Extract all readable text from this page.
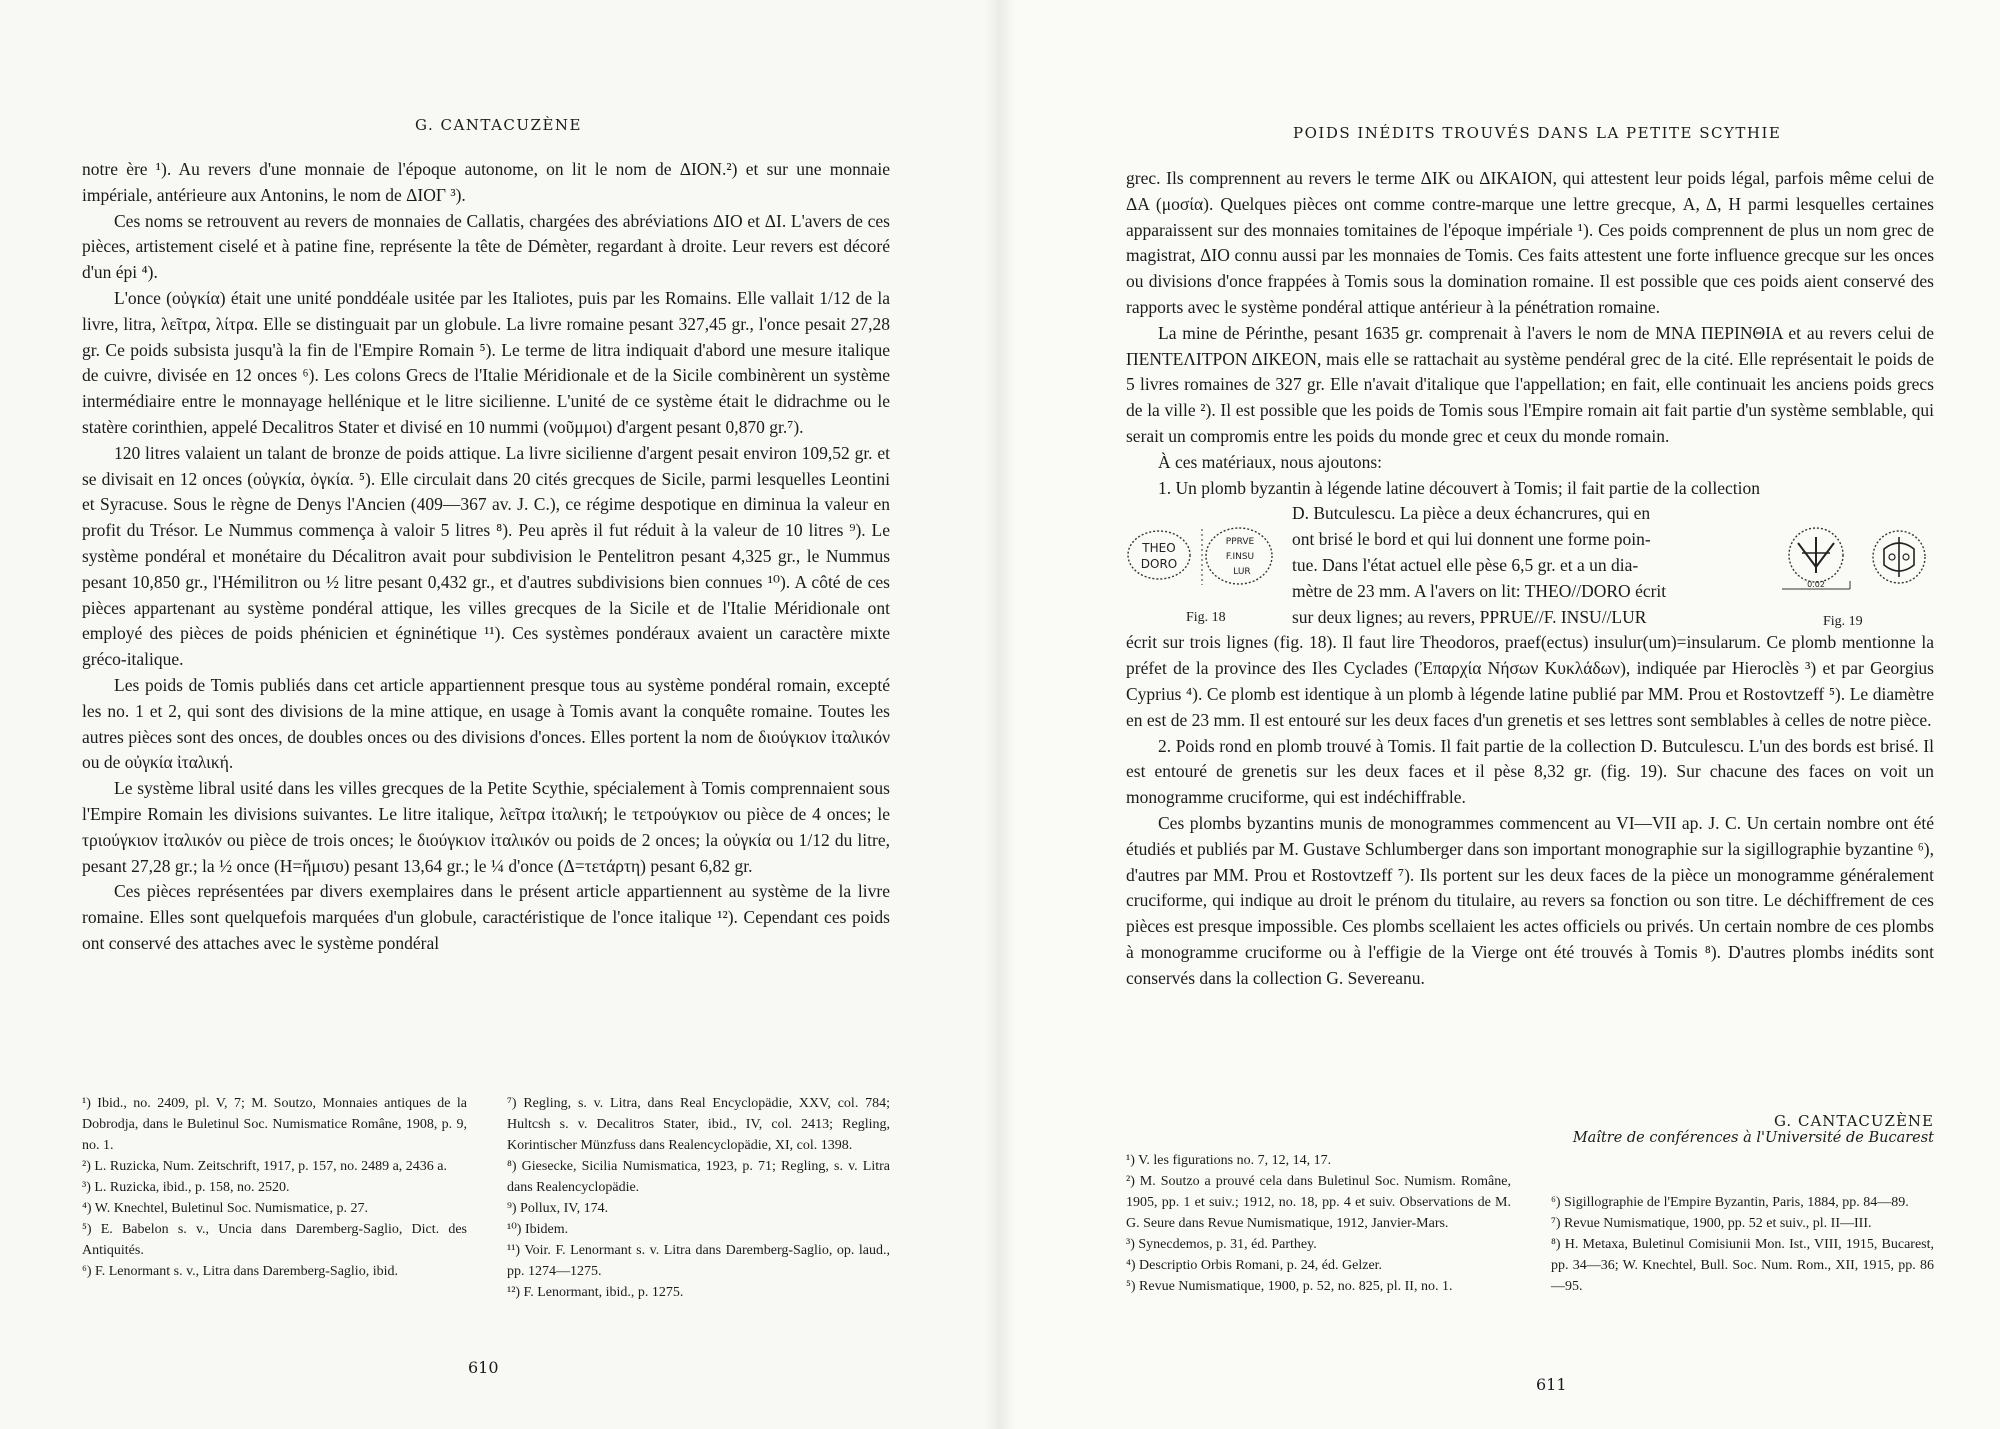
G. CANTACUZÈNE

notre ère ¹). Au revers d'une monnaie de l'époque autonome, on lit le nom de ΔΙΟΝ.²) et sur une monnaie impériale, antérieure aux Antonins, le nom de ΔΙΟΓ ³).

Ces noms se retrouvent au revers de monnaies de Callatis, chargées des abréviations ΔΙΟ et ΔΙ. L'avers de ces pièces, artistement ciselé et à patine fine, représente la tête de Démèter, regardant à droite. Leur revers est décoré d'un épi ⁴).

L'once (οὐγκία) était une unité ponddéale usitée par les Italiotes, puis par les Romains. Elle vallait 1/12 de la livre, litra, λεῖτρα, λίτρα. Elle se distinguait par un globule. La livre romaine pesant 327,45 gr., l'once pesait 27,28 gr. Ce poids subsista jusqu'à la fin de l'Empire Romain ⁵). Le terme de litra indiquait d'abord une mesure italique de cuivre, divisée en 12 onces ⁶). Les colons Grecs de l'Italie Méridionale et de la Sicile combinèrent un système intermédiaire entre le monnayage hellénique et le litre sicilienne. L'unité de ce système était le didrachme ou le statère corinthien, appelé Decalitros Stater et divisé en 10 nummi (νοῦμμοι) d'argent pesant 0,870 gr.⁷).

120 litres valaient un talant de bronze de poids attique. La livre sicilienne d'argent pesait environ 109,52 gr. et se divisait en 12 onces (οὐγκία, ὀγκία. ⁵). Elle circulait dans 20 cités grecques de Sicile, parmi lesquelles Leontini et Syracuse. Sous le règne de Denys l'Ancien (409—367 av. J. C.), ce régime despotique en diminua la valeur en profit du Trésor. Le Nummus commença à valoir 5 litres ⁸). Peu après il fut réduit à la valeur de 10 litres ⁹). Le système pondéral et monétaire du Décalitron avait pour subdivision le Pentelitron pesant 4,325 gr., le Nummus pesant 10,850 gr., l'Hémilitron ou ½ litre pesant 0,432 gr., et d'autres subdivisions bien connues ¹⁰). A côté de ces pièces appartenant au système pondéral attique, les villes grecques de la Sicile et de l'Italie Méridionale ont employé des pièces de poids phénicien et égninétique ¹¹). Ces systèmes pondéraux avaient un caractère mixte gréco-italique.

Les poids de Tomis publiés dans cet article appartiennent presque tous au système pondéral romain, excepté les no. 1 et 2, qui sont des divisions de la mine attique, en usage à Tomis avant la conquête romaine. Toutes les autres pièces sont des onces, de doubles onces ou des divisions d'onces. Elles portent la nom de διούγκιον ἰταλικόν ou de οὐγκία ἰταλική.

Le système libral usité dans les villes grecques de la Petite Scythie, spécialement à Tomis comprennaient sous l'Empire Romain les divisions suivantes. Le litre italique, λεῖτρα ἰταλική; le τετρούγκιον ou pièce de 4 onces; le τριούγκιον ἰταλικόν ou pièce de trois onces; le διούγκιον ἰταλικόν ou poids de 2 onces; la οὐγκία ou 1/12 du litre, pesant 27,28 gr.; la ½ once (Η=ἥμισυ) pesant 13,64 gr.; le ¼ d'once (Δ=τετάρτη) pesant 6,82 gr.

Ces pièces représentées par divers exemplaires dans le présent article appartiennent au système de la livre romaine. Elles sont quelquefois marquées d'un globule, caractéristique de l'once italique ¹²). Cependant ces poids ont conservé des attaches avec le système pondéral

¹) Ibid., no. 2409, pl. V, 7; M. Soutzo, Monnaies antiques de la Dobrodja, dans le Buletinul Soc. Numismatice Române, 1908, p. 9, no. 1.

²) L. Ruzicka, Num. Zeitschrift, 1917, p. 157, no. 2489 a, 2436 a.

³) L. Ruzicka, ibid., p. 158, no. 2520.

⁴) W. Knechtel, Buletinul Soc. Numismatice, p. 27.

⁵) E. Babelon s. v., Uncia dans Daremberg-Saglio, Dict. des Antiquités.

⁶) F. Lenormant s. v., Litra dans Daremberg-Saglio, ibid.

⁷) Regling, s. v. Litra, dans Real Encyclopädie, XXV, col. 784; Hultcsh s. v. Decalitros Stater, ibid., IV, col. 2413; Regling, Korintischer Münzfuss dans Realencyclopädie, XI, col. 1398.

⁸) Giesecke, Sicilia Numismatica, 1923, p. 71; Regling, s. v. Litra dans Realencyclopädie.

⁹) Pollux, IV, 174.

¹⁰) Ibidem.

¹¹) Voir. F. Lenormant s. v. Litra dans Daremberg-Saglio, op. laud., pp. 1274—1275.

¹²) F. Lenormant, ibid., p. 1275.

610
POIDS INÉDITS TROUVÉS DANS LA PETITE SCYTHIE

grec. Ils comprennent au revers le terme ΔΙΚ ou ΔΙΚΑΙΟΝ, qui attestent leur poids légal, parfois même celui de ΔΑ (μοσία). Quelques pièces ont comme contre-marque une lettre grecque, Α, Δ, Η parmi lesquelles certaines apparaissent sur des monnaies tomitaines de l'époque impériale ¹). Ces poids comprennent de plus un nom grec de magistrat, ΔΙΟ connu aussi par les monnaies de Tomis. Ces faits attestent une forte influence grecque sur les onces ou divisions d'once frappées à Tomis sous la domination romaine. Il est possible que ces poids aient conservé des rapports avec le système pondéral attique antérieur à la pénétration romaine.

La mine de Périnthe, pesant 1635 gr. comprenait à l'avers le nom de ΜΝΑ ΠΕΡΙΝΘΙΑ et au revers celui de ΠΕΝΤΕΛΙΤΡΟΝ ΔΙΚΕΟΝ, mais elle se rattachait au système pendéral grec de la cité. Elle représentait le poids de 5 livres romaines de 327 gr. Elle n'avait d'italique que l'appellation; en fait, elle continuait les anciens poids grecs de la ville ²). Il est possible que les poids de Tomis sous l'Empire romain ait fait partie d'un système semblable, qui serait un compromis entre les poids du monde grec et ceux du monde romain.

À ces matériaux, nous ajoutons:

1. Un plomb byzantin à légende latine découvert à Tomis; il fait partie de la collection

D. Butculescu. La pièce a deux échancrures, qui en
ont brisé le bord et qui lui donnent une forme poin-
tue. Dans l'état actuel elle pèse 6,5 gr. et a un dia-
mètre de 23 mm. A l'avers on lit: THEO//DORO écrit
sur deux lignes; au revers, PPRUE//F. INSU//LUR
THEO
DORO
PPRVE
F.INSU
LUR
Fig. 18
0.02
Fig. 19

écrit sur trois lignes (fig. 18). Il faut lire Theodoros, praef(ectus) insulur(um)=insularum. Ce plomb mentionne la préfet de la province des Iles Cyclades (Ἐπαρχία Νήσων Κυκλάδων), indiquée par Hieroclès ³) et par Georgius Cyprius ⁴). Ce plomb est identique à un plomb à légende latine publié par MM. Prou et Rostovtzeff ⁵). Le diamètre en est de 23 mm. Il est entouré sur les deux faces d'un grenetis et ses lettres sont semblables à celles de notre pièce.

2. Poids rond en plomb trouvé à Tomis. Il fait partie de la collection D. Butculescu. L'un des bords est brisé. Il est entouré de grenetis sur les deux faces et il pèse 8,32 gr. (fig. 19). Sur chacune des faces on voit un monogramme cruciforme, qui est indéchiffrable.

Ces plombs byzantins munis de monogrammes commencent au VI—VII ap. J. C. Un certain nombre ont été étudiés et publiés par M. Gustave Schlumberger dans son important monographie sur la sigillographie byzantine ⁶), d'autres par MM. Prou et Rostovtzeff ⁷). Ils portent sur les deux faces de la pièce un monogramme généralement cruciforme, qui indique au droit le prénom du titulaire, au revers sa fonction ou son titre. Le déchiffrement de ces pièces est presque impossible. Ces plombs scellaient les actes officiels ou privés. Un certain nombre de ces plombs à monogramme cruciforme ou à l'effigie de la Vierge ont été trouvés à Tomis ⁸). D'autres plombs inédits sont conservés dans la collection G. Severeanu.

G. CANTACUZÈNE
Maître de conférences à l'Université de Bucarest

¹) V. les figurations no. 7, 12, 14, 17.

²) M. Soutzo a prouvé cela dans Buletinul Soc. Numism. Române, 1905, pp. 1 et suiv.; 1912, no. 18, pp. 4 et suiv. Observations de M. G. Seure dans Revue Numismatique, 1912, Janvier-Mars.

³) Synecdemos, p. 31, éd. Parthey.

⁴) Descriptio Orbis Romani, p. 24, éd. Gelzer.

⁵) Revue Numismatique, 1900, p. 52, no. 825, pl. II, no. 1.

⁶) Sigillographie de l'Empire Byzantin, Paris, 1884, pp. 84—89.

⁷) Revue Numismatique, 1900, pp. 52 et suiv., pl. II—III.

⁸) H. Metaxa, Buletinul Comisiunii Mon. Ist., VIII, 1915, Bucarest, pp. 34—36; W. Knechtel, Bull. Soc. Num. Rom., XII, 1915, pp. 86—95.

611
